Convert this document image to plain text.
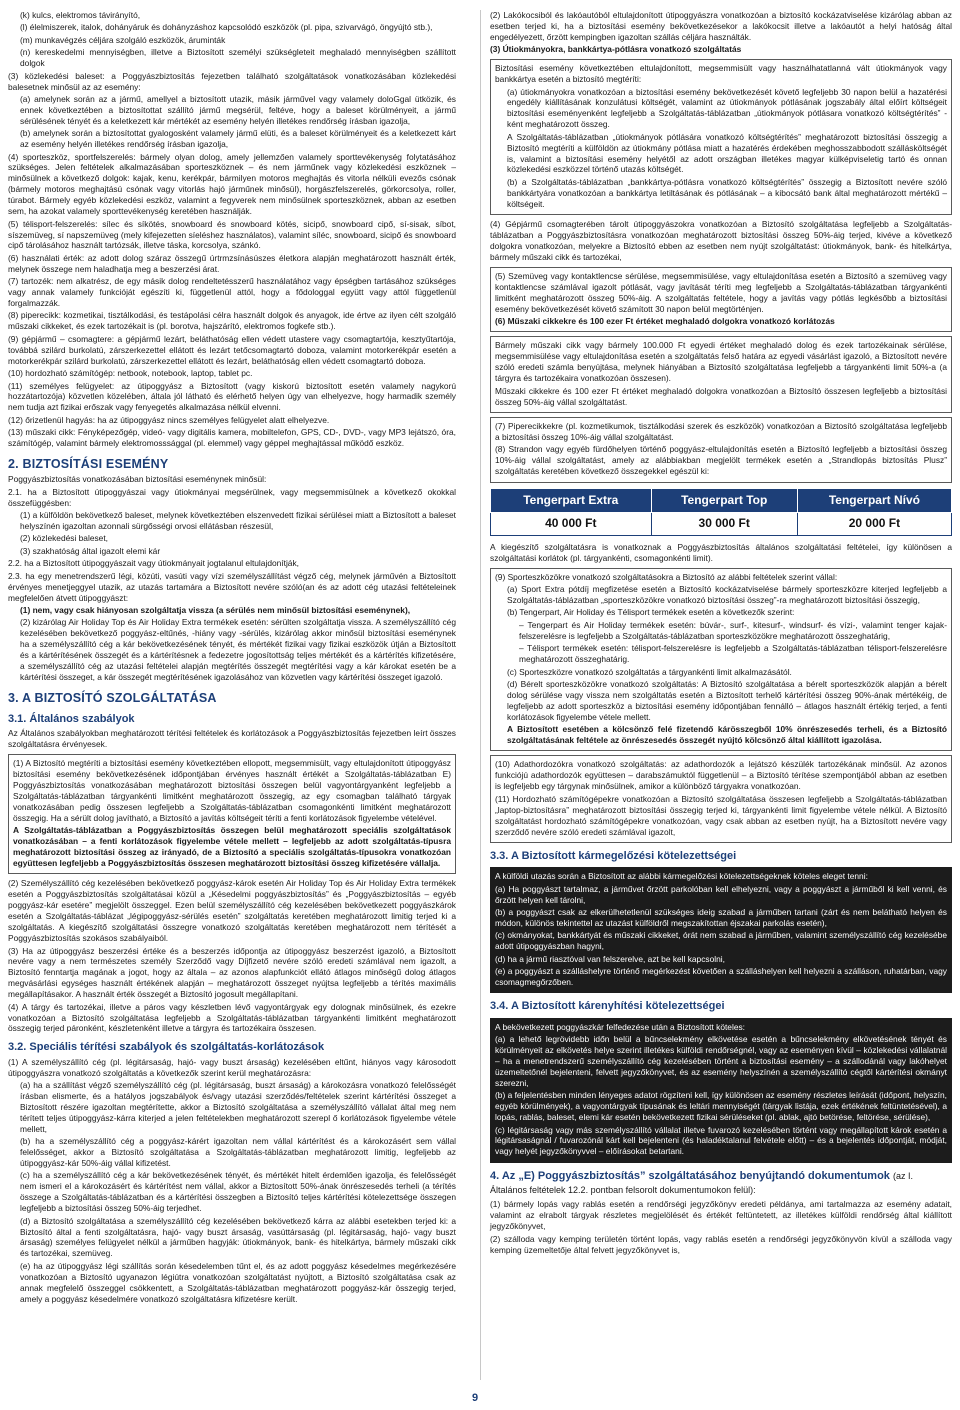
(k) kulcs, elektromos távirányító,

(l) élelmiszerek, italok, dohányáruk és dohányzáshoz kapcsolódó eszközök (pl. pipa, szivarvágó, öngyújtó stb.),

(m) munkavégzés céljára szolgáló eszközök, áruminták

(n) kereskedelmi mennyiségben, illetve a Biztosított személyi szükségleteit meghaladó mennyiségben szállított dolgok

(3) közlekedési baleset: a Poggyászbiztosítás fejezetben található szolgáltatások vonatkozásában közlekedési balesetnek minősül az az esemény:

(a) amelynek során az a jármű, amellyel a biztosított utazik, másik járművel vagy valamely doloGgal ütközik, és ennek következtében a biztosítottat szállító jármű megsérül, feltéve, hogy a baleset körülményeit, a jármű sérülésének tényét és a keletkezett kár mértékét az esemény helyén illetékes rendőrség írásban igazolja,

(b) amelynek során a biztosítottat gyalogosként valamely jármű elüti, és a baleset körülményeit és a keletkezett kárt az esemény helyén illetékes rendőrség írásban igazolja,

(4) sporteszköz, sportfelszerelés: bármely olyan dolog, amely jellemzően valamely sporttevékenység folytatásához szükséges. Jelen feltételek alkalmazásában sporteszköznek – és nem járműnek vagy közlekedési eszköznek – minősülnek a következő dolgok: kajak, kenu, kerékpár, bármilyen motoros meghajtás és vitorla nélküli evezős csónak (bármely motoros meghajtású csónak vagy vitorlás hajó járműnek minősül), horgászfelszerelés, görkorcsolya, roller, túrabot. Bármely egyéb közlekedési eszköz, valamint a fegyverek nem minősülnek sporteszköznek, abban az esetben sem, ha azokat valamely sporttevékenység keretében használják.

(5) télisport-felszerelés: sílec és síkötés, snowboard és snowboard kötés, sicipő, snowboard cipő, sí-sisak, síbot, síszemüveg, sí napszemüveg (mely kifejezetten síeléshez használatos), valamint síléc, snowboard, sicipő és snowboard cipő tárolásához használt tartózsák, illetve táska, korcsolya, szánkó.

(6) használati érték: az adott dolog száraz összegű úrtrmzsínásúszes életkora alapján meghatározott használt érték, melynek összege nem haladhatja meg a beszerzési árat.

(7) tartozék: nem alkatrész, de egy másik dolog rendeltetésszerű használatához vagy épségben tartásához szükséges vagy annak valamely funkcióját egészíti ki, függetlenül attól, hogy a fődologgal együtt vagy attól függetlenül forgalmazzák.

(8) piperecikk: kozmetikai, tisztálkodási, és testápolási célra használt dolgok és anyagok, ide értve az ilyen célt szolgáló műszaki cikkeket, és ezek tartozékait is (pl. borotva, hajszárító, elektromos fogkefe stb.).

(9) gépjármű – csomagtere: a gépjármű lezárt, beláthatóság ellen védett utastere vagy csomagtartója, kesztyűtartója, továbbá szilárd burkolatú, zárszerkezettel ellátott és lezárt tetőcsomagtartó doboza, valamint motorkerékpár esetén a motorkerékpár szilárd burkolatú, zárszerkezettel ellátott és lezárt, beláthatóság ellen védett csomagtartó doboza.

(10) hordozható számítógép: netbook, notebook, laptop, tablet pc.

(11) személyes felügyelet: az útipoggyász a Biztosított (vagy kiskorú biztosított esetén valamely nagykorú hozzátartozója) közvetlen közelében, általa jól látható és elérhető helyen úgy van elhelyezve, hogy harmadik személy nem tudja azt fizikai erőszak vagy fenyegetés alkalmazása nélkül elvenni.

(12) őrizetlenül hagyás: ha az útipoggyász nincs személyes felügyelet alatt elhelyezve.

(13) műszaki cikk: Fényképezőgép, videó- vagy digitális kamera, mobiltelefon, GPS, CD-, DVD-, vagy MP3 lejátszó, óra, számítógép, valamint bármely elektromosssággal (pl. elemmel) vagy géppel meghajtással működő eszköz.

2. BIZTOSÍTÁSI ESEMÉNY

Poggyászbiztosítás vonatkozásában biztosítási eseménynek minősül:

2.1. ha a Biztosított útipoggyászai vagy útiokmányai megsérülnek, vagy megsemmisülnek a következő okokkal összefüggésben:

(1) a külföldön bekövetkező baleset, melynek következtében elszenvedett fizikai sérülései miatt a Biztosított a baleset helyszínén igazoltan azonnali sürgősségi orvosi ellátásban részesül,

(2) közlekedési baleset,

(3) szakhatóság által igazolt elemi kár

2.2. ha a Biztosított útipoggyászait vagy útiokmányait jogtalanul eltulajdonítják,

2.3. ha egy menetrendszerű légi, közúti, vasúti vagy vízi személyszállítást végző cég, melynek járművén a Biztosított érvényes menetjeggyel utazik, az utazás tartamára a Biztosított nevére szóló(an és az adott cég utazási feltételeinek megfelelően átvett útipoggyászt:

(1) nem, vagy csak hiányosan szolgáltatja vissza (a sérülés nem minősül biztosítási eseménynek),

(2) kizárólag Air Holiday Top és Air Holiday Extra termékek esetén: sérülten szolgáltatja vissza. A személyszállító cég kezelésében bekövetkező poggyász-eltűnés, -hiány vagy -sérülés, kizárólag akkor minősül biztosítási eseménynek ha a személyszállító cég a kár bekövetkezésének tényét, és mértékét fizikai vagy fizikai eszközök útján a Biztosított és a kártérítésének összegét és a kártérítésnek a fedezetre jogosítottság teljes mértékét és a kártérítés kifizetésére, a személyszállító cég az utazási feltételei alapján megtérítés összegét megtérítési vagy a kár károkat esetén be a kártérítési összeget, a kár összegét megtérítésének igazolásához van közvetlen vagy kártérítési összeget igazoló.

3. A BIZTOSÍTÓ SZOLGÁLTATÁSA
3.1. Általános szabályok

Az Általános szabályokban meghatározott térítési feltételek és korlátozások a Poggyászbiztosítás fejezetben leírt összes szolgáltatásra érvényesek.

(1) A Biztosító megtéríti a biztosítási esemény következtében ellopott, megsemmisült, vagy eltulajdonított útipoggyász biztosítási esemény bekövetkezésének időpontjában érvényes használt értékét a Szolgáltatás-táblázatban E) Poggyászbiztosítás vonatkozásában meghatározott biztosítási összegen belül vagyontárgyanként legfeljebb a Szolgáltatás-táblázatban tárgyankénti limitként meghatározott összegig, az egy csomagban található tárgyak vonatkozásában pedig összesen legfeljebb a Szolgáltatás-táblázatban csomagonkénti limitként meghatározott összegig. Ha a sérült dolog javítható, a Biztosító a javítás költségeit téríti a fenti korlátozások figyelembe vételével.

A Szolgáltatás-táblázatban a Poggyászbiztosítás összegen belül meghatározott speciális szolgáltatások vonatkozásában – a fenti korlátozások figyelembe vétele mellett – legfeljebb az adott szolgáltatás-típusra meghatározott biztosítási összeg az irányadó, de a Biztosító a speciális szolgáltatás-típusokra vonatkozóan együttesen legfeljebb a Poggyászbiztosítás összesen meghatározott biztosítási összeg kifizetésére vállalja.

(2) Személyszállító cég kezelésében bekövetkező poggyász-károk esetén Air Holiday Top és Air Holiday Extra termékek esetén a Poggyászbiztosítás szolgáltatásai közül a „Késedelmi poggyászbiztosítás” és „Poggyászbiztosítás – egyéb poggyász-kár esetére” megjelölt összeggel. Ezen belül személyszállító cég kezelésében bekövetkezett poggyászkárok esetén a Szolgáltatás-táblázat „légipoggyász-sérülés esetén” szolgáltatás keretében meghatározott limitig terjed ki a szolgáltatás. A kiegészítő szolgáltatási összegre vonatkozó szolgáltatás keretében meghatározott nem térítését a Poggyászbiztosítás szokásos szabályaiból.

(3) Ha az útipoggyász beszerzési értéke és a beszerzés időpontja az útipoggyász beszerzést igazoló, a Biztosított nevére vagy a nem természetes személy Szerződő vagy Díjfizető nevére szóló eredeti számlával nem igazolt, a Biztosító fenntartja magának a jogot, hogy az általa – az azonos alapfunkciót ellátó átlagos minőségű dolog átlagos megvásárlási egységes használt értékének alapján – meghatározott összeget nyújtsa legfeljebb a térítés maximális megállapításakor. A használt érték összegét a Biztosító jogosult megállapítani.

(4) A tárgy és tartozékai, illetve a páros vagy készletben lévő vagyontárgyak egy dolognak minősülnek, és ezekre vonatkozóan a Biztosító szolgáltatása legfeljebb a Szolgáltatás-táblázatban tárgyankénti limitként meghatározott összegig terjed páronként, készletenként illetve a tárgyra és tartozékaira összesen.

3.2. Speciális térítési szabályok és szolgáltatás-korlátozások

(1) A személyszállító cég (pl. légitársaság, hajó- vagy buszt ársaság) kezelésében eltűnt, hiányos vagy károsodott útipoggyászra vonatkozó szolgáltatás a következők szerint kerül meghatározásra:

(a) ha a szállítást végző személyszállító cég (pl. légitársaság, buszt ársaság) a károkozásra vonatkozó felelősségét írásban elismerte, és a hatályos jogszabályok és/vagy utazási szerződés/feltételek szerint kártérítési összeget a Biztosított részére igazoltan megtérítette, akkor a Biztosító szolgáltatása a személyszállító vállalat által meg nem térített teljes útipoggyász-kárra kiterjed a jelen feltételekben meghatározott szerepl ő korlátozások figyelembe vétele mellett,

(b) ha a személyszállító cég a poggyász-kárért igazoltan nem vállal kártérítést és a károkozásért sem vállal felelősséget, akkor a Biztosító szolgáltatása a Szolgáltatás-táblázatban meghatározott limitig, legfeljebb az útipoggyász-kár 50%-áig vállal kifizetést.

(c) ha a személyszállító cég a kár bekövetkezésének tényét, és mértékét hitelt érdemlően igazolja, és felelősségét nem ismeri el a károkozásért és kártérítést nem vállal, akkor a Biztosított 50%-ának önrészesedés terheli (a térítés összege a Szolgáltatás-táblázatban és a kártérítési összegben a Biztosító teljes kártérítési kötelezettsége összegen legfeljebb a biztosítási összeg 50%-áig terjedhet.

(d) a Biztosító szolgáltatása a személyszállító cég kezelésében bekövetkező kárra az alábbi esetekben terjed ki: a Biztosító által a fenti szolgáltatásra, hajó- vagy buszt ársaság, vasúttársaság (pl. légitársaság, hajó- vagy buszt ársaság) személyes felügyelet nélkül a járműben hagyják: útiokmányok, bank- és hitelkártya, bármely műszaki cikk és tartozékai, szemüveg.

(e) ha az útipoggyász légi szállítás során késedelemben tűnt el, és az adott poggyász késedelmes megérkezésére vonatkozóan a Biztosító ugyanazon légiútra vonatkozóan szolgáltatást nyújtott, a Biztosító szolgáltatása csak az annak megfelelő összeggel csökkentett, a Szolgáltatás-táblázatban meghatározott poggyász-kár összegig terjed, amely a poggyász késedelmére vonatkozó szolgáltatásra kifizetésre került.

(2) Lakókocsiból és lakóautóból eltulajdonított útipoggyászra vonatkozóan a biztosító kockázatviselése kizárólag abban az esetben terjed ki, ha a biztosítási esemény bekövetkezésekor a lakókocsit illetve a lakóautót a helyi hatóság által engedélyezett, őrzött kempingben igazoltan szállás céljára használták.

(3) Útiokmányokra, bankkártya-pótlásra vonatkozó szolgáltatás

Biztosítási esemény következtében eltulajdonított, megsemmisült vagy használhatatlanná vált útiokmányok vagy bankkártya esetén a biztosító megtéríti:

(a) útiokmányokra vonatkozóan a biztosítási esemény bekövetkezését követő legfeljebb 30 napon belül a hazatérési engedély kiállításának konzulátusi költségét, valamint az útiokmányok pótlásának jogszabály által előírt költségeit biztosítási eseményenként legfeljebb a Szolgáltatás-táblázatban „útiokmányok pótlásara vonatkozó költségtérítés” -ként meghatározott összeg.

A Szolgáltatás-táblázatban „útiokmányok pótlására vonatkozó költségtérítés” meghatározott biztosítási összegig a Biztosító megtéríti a külföldön az útiokmány pótlása miatt a hazatérés érdekében meghosszabbodott szállásköltségét is, valamint a biztosítási esemény helyétől az adott országban illetékes magyar külképviseletig tartó és onnan közlekedési eszközzel történő utazás költségét.

(b) a Szolgáltatás-táblázatban „bankkártya-pótlásra vonatkozó költségtérítés” összegig a Biztosított nevére szóló bankkártyára vonatkozóan a bankkártya letiltásának és pótlásának – a kibocsátó bank által meghatározott mértékű – költségeit.

(4) Gépjármű csomagterében tárolt útipoggyászokra vonatkozóan a Biztosító szolgáltatása legfeljebb a Szolgáltatás-táblázatban a Poggyászbiztosításra vonatkozóan meghatározott biztosítási összeg 50%-áig terjed, kivéve a következő dolgokra vonatkozóan, melyekre a Biztosító ebben az esetben nem nyújt szolgáltatást: útiokmányok, bank- és hitelkártya, bármely műszaki cikk és tartozékai,

(5) Szemüveg vagy kontaktlencse sérülése, megsemmisülése, vagy eltulajdonítása esetén a Biztosító a szemüveg vagy kontaktlencse számlával igazolt pótlását, vagy javítását téríti meg legfeljebb a Szolgáltatás-táblázatban tárgyankénti limitként meghatározott összeg 50%-áig. A szolgáltatás feltétele, hogy a javítás vagy pótlás legkésőbb a biztosítási esemény bekövetkezését követő számított 30 napon belül megtörténjen.

(6) Műszaki cikkekre és 100 ezer Ft értéket meghaladó dolgokra vonatkozó korlátozás

Bármely műszaki cikk vagy bármely 100.000 Ft egyedi értéket meghaladó dolog és ezek tartozékainak sérülése, megsemmisülése vagy eltulajdonítása esetén a szolgáltatás felső határa az egyedi vásárlást igazoló, a Biztosított nevére szóló eredeti számla benyújtása, melynek hiányában a Biztosító szolgáltatása legfeljebb a tárgyankénti limit 50%-a (a tárgyra és tartozékaira vonatkozóan összesen).

Műszaki cikkekre és 100 ezer Ft értéket meghaladó dolgokra vonatkozóan a Biztosító összesen legfeljebb a biztosítási összeg 50%-áig vállal szolgáltatást.

(7) Piperecikkekre (pl. kozmetikumok, tisztálkodási szerek és eszközök) vonatkozóan a Biztosító szolgáltatása legfeljebb a biztosítási összeg 10%-áig vállal szolgáltatást.

(8) Strandon vagy egyéb fürdőhelyen történő poggyász-eltulajdonítás esetén a Biztosító legfeljebb a biztosítási összeg 10%-áig vállal szolgáltatást, amely az alábbiakban megjelölt termékek esetén a „Strandlopás biztosítás Plusz” szolgáltatás keretében következő összegekkel egészül ki:

Tengerpart Extra	Tengerpart Top	Tengerpart Nívó
40 000 Ft	30 000 Ft	20 000 Ft

A kiegészítő szolgáltatásra is vonatkoznak a Poggyászbiztosítás általános szolgáltatási feltételei, így különösen a szolgáltatási korlátok (pl. tárgyankénti, csomagonkénti limit).

(9) Sporteszközökre vonatkozó szolgáltatásokra a Biztosító az alábbi feltételek szerint vállal:

(a) Sport Extra pótdíj megfizetése esetén a Biztosító kockázatviselése bármely sporteszközre kiterjed legfeljebb a Szolgáltatás-táblázatban „sporteszközökre vonatkozó biztosítási összeg”-ra meghatározott biztosítási összegig,

(b) Tengerpart, Air Holiday és Télisport termékek esetén a következők szerint:

– Tengerpart és Air Holiday termékek esetén: búvár-, surf-, kitesurf-, windsurf- és vízi-, valamint tenger kajak-felszerelésre is legfeljebb a Szolgáltatás-táblázatban sporteszközökre meghatározott összeghatárig,

– Télisport termékek esetén: télisport-felszerelésre is legfeljebb a Szolgáltatás-táblázatban télisport-felszerelésre meghatározott összeghatárig.

(c) Sporteszközre vonatkozó szolgáltatás a tárgyankénti limit alkalmazásától.

(d) Bérelt sporteszközökre vonatkozó szolgáltatás: A Biztosító szolgáltatása a bérelt sporteszközök alapján a bérelt dolog sérülése vagy vissza nem szolgáltatás esetén a Biztosított terhelő kártérítési összeg 90%-ának mértékéig, de legfeljebb az adott sporteszköz a biztosítási esemény időpontjában fennálló – átlagos használt értékig terjed, a fenti korlátozások figyelembe vétele mellett.

A Biztosított esetében a kölcsönző felé fizetendő kárösszegből 10% önrészesedés terheli, és a Biztosító szolgáltatásának feltétele az önrészesedés összegét nyújtó kölcsönző által kiállított igazolása.

(10) Adathordozókra vonatkozó szolgáltatás: az adathordozók a lejátszó készülék tartozékának minősül. Az azonos funkciójú adathordozók együttesen – darabszámuktól függetlenül – a Biztosító térítése szempontjából abban az esetben is legfeljebb egy tárgynak minősülnek, amikor a különböző tárgyakra vonatkozóan.

(11) Hordozható számítógépekre vonatkozóan a Biztosító szolgáltatása összesen legfeljebb a Szolgáltatás-táblázatban „laptop-biztosításra” meghatározott biztosítási összegig terjed ki, tárgyankénti limit figyelembe vétele nélkül. A Biztosító szolgáltatást hordozható számítógépekre vonatkozóan, vagy csak abban az esetben nyújt, ha a Biztosított nevére vagy szerződő nevére szóló eredeti számlával igazolt,

3.3. A Biztosított kármegelőzési kötelezettségei

A külföldi utazás során a Biztosított az alábbi kármegelőzési kötelezettségeknek köteles eleget tenni:

(a) Ha poggyászt tartalmaz, a járművet őrzött parkolóban kell elhelyezni, vagy a poggyászt a járműből ki kell venni, és őrzött helyen kell tárolni,

(b) a poggyászt csak az elkerülhetetlenül szükséges ideig szabad a járműben tartani (zárt és nem belátható helyen és módon, különös tekintettel az utazást külföldről megszakítottan éjszakai parkolás esetén),

(c) okmányokat, bankkártyát és műszaki cikkeket, órát nem szabad a járműben, valamint személyszállító cég kezelésébe adott útipoggyászban hagyni,

(d) ha a jármű riasztóval van felszerelve, azt be kell kapcsolni,

(e) a poggyászt a szálláshelyre történő megérkezést követően a szálláshelyen kell helyezni a szálláson, ruhatárban, vagy csomagmegőrzőben.

3.4. A Biztosított kárenyhítési kötelezettségei

A bekövetkezett poggyászkár felfedezése után a Biztosított köteles:

(a) a lehető legrövidebb időn belül a bűncselekmény elkövetése esetén a bűncselekmény elkövetésének tényét és körülményeit az elkövetés helye szerint illetékes külföldi rendőrségnél, vagy az eseményen kívül – közlekedési vállalatnál – ha a menetrendszerű személyszállító cég kezelésében történt a biztosítási esemény – a szállodánál vagy lakóhelyet üzemeltetőnél bejelenteni, felvett jegyzőkönyvet, és az esemény helyszínén a személyszállító cégtől kártérítési okmányt szerezni,

(b) a feljelentésben minden lényeges adatot rögzíteni kell, így különösen az esemény részletes leírását (időpont, helyszín, egyéb körülmények), a vagyontárgyak típusának és leltári mennyiségét (tárgyak listája, ezek értékének feltüntetésével), a lopás, rablás, baleset, elemi kár esetén bekövetkezett fizikai sérüléseket (pl. ablak, ajtó betörése, feltörése, sérülése),

(c) légitársaság vagy más személyszállító vállalat illetve fuvarozó kezelésében történt vagy megállapított károk esetén a légitársaságnál / fuvarozónál kárt kell bejelenteni (és haladéktalanul felvétele előtt) – és a bejelentés időpontját, módját, vagy helyét jegyzőkönyvvel – előírásokat betartani.

4. Az „E) Poggyászbiztosítás” szolgáltatásához benyújtandó dokumentumok (az I. Általános feltételek 12.2. pontban felsorolt dokumentumokon felül):

(1) bármely lopás vagy rablás esetén a rendőrségi jegyzőkönyv eredeti példánya, ami tartalmazza az esemény adatait, valamint az elrabolt tárgyak részletes megjelölését és értékét feltüntetett, az illetékes külföldi rendőrség által kiállított jegyzőkönyvet,

(2) szálloda vagy kemping területén történt lopás, vagy rablás esetén a rendőrségi jegyzőkönyvön kívül a szálloda vagy kemping üzemeltetője által felvett jegyzőkönyvet is,

9
